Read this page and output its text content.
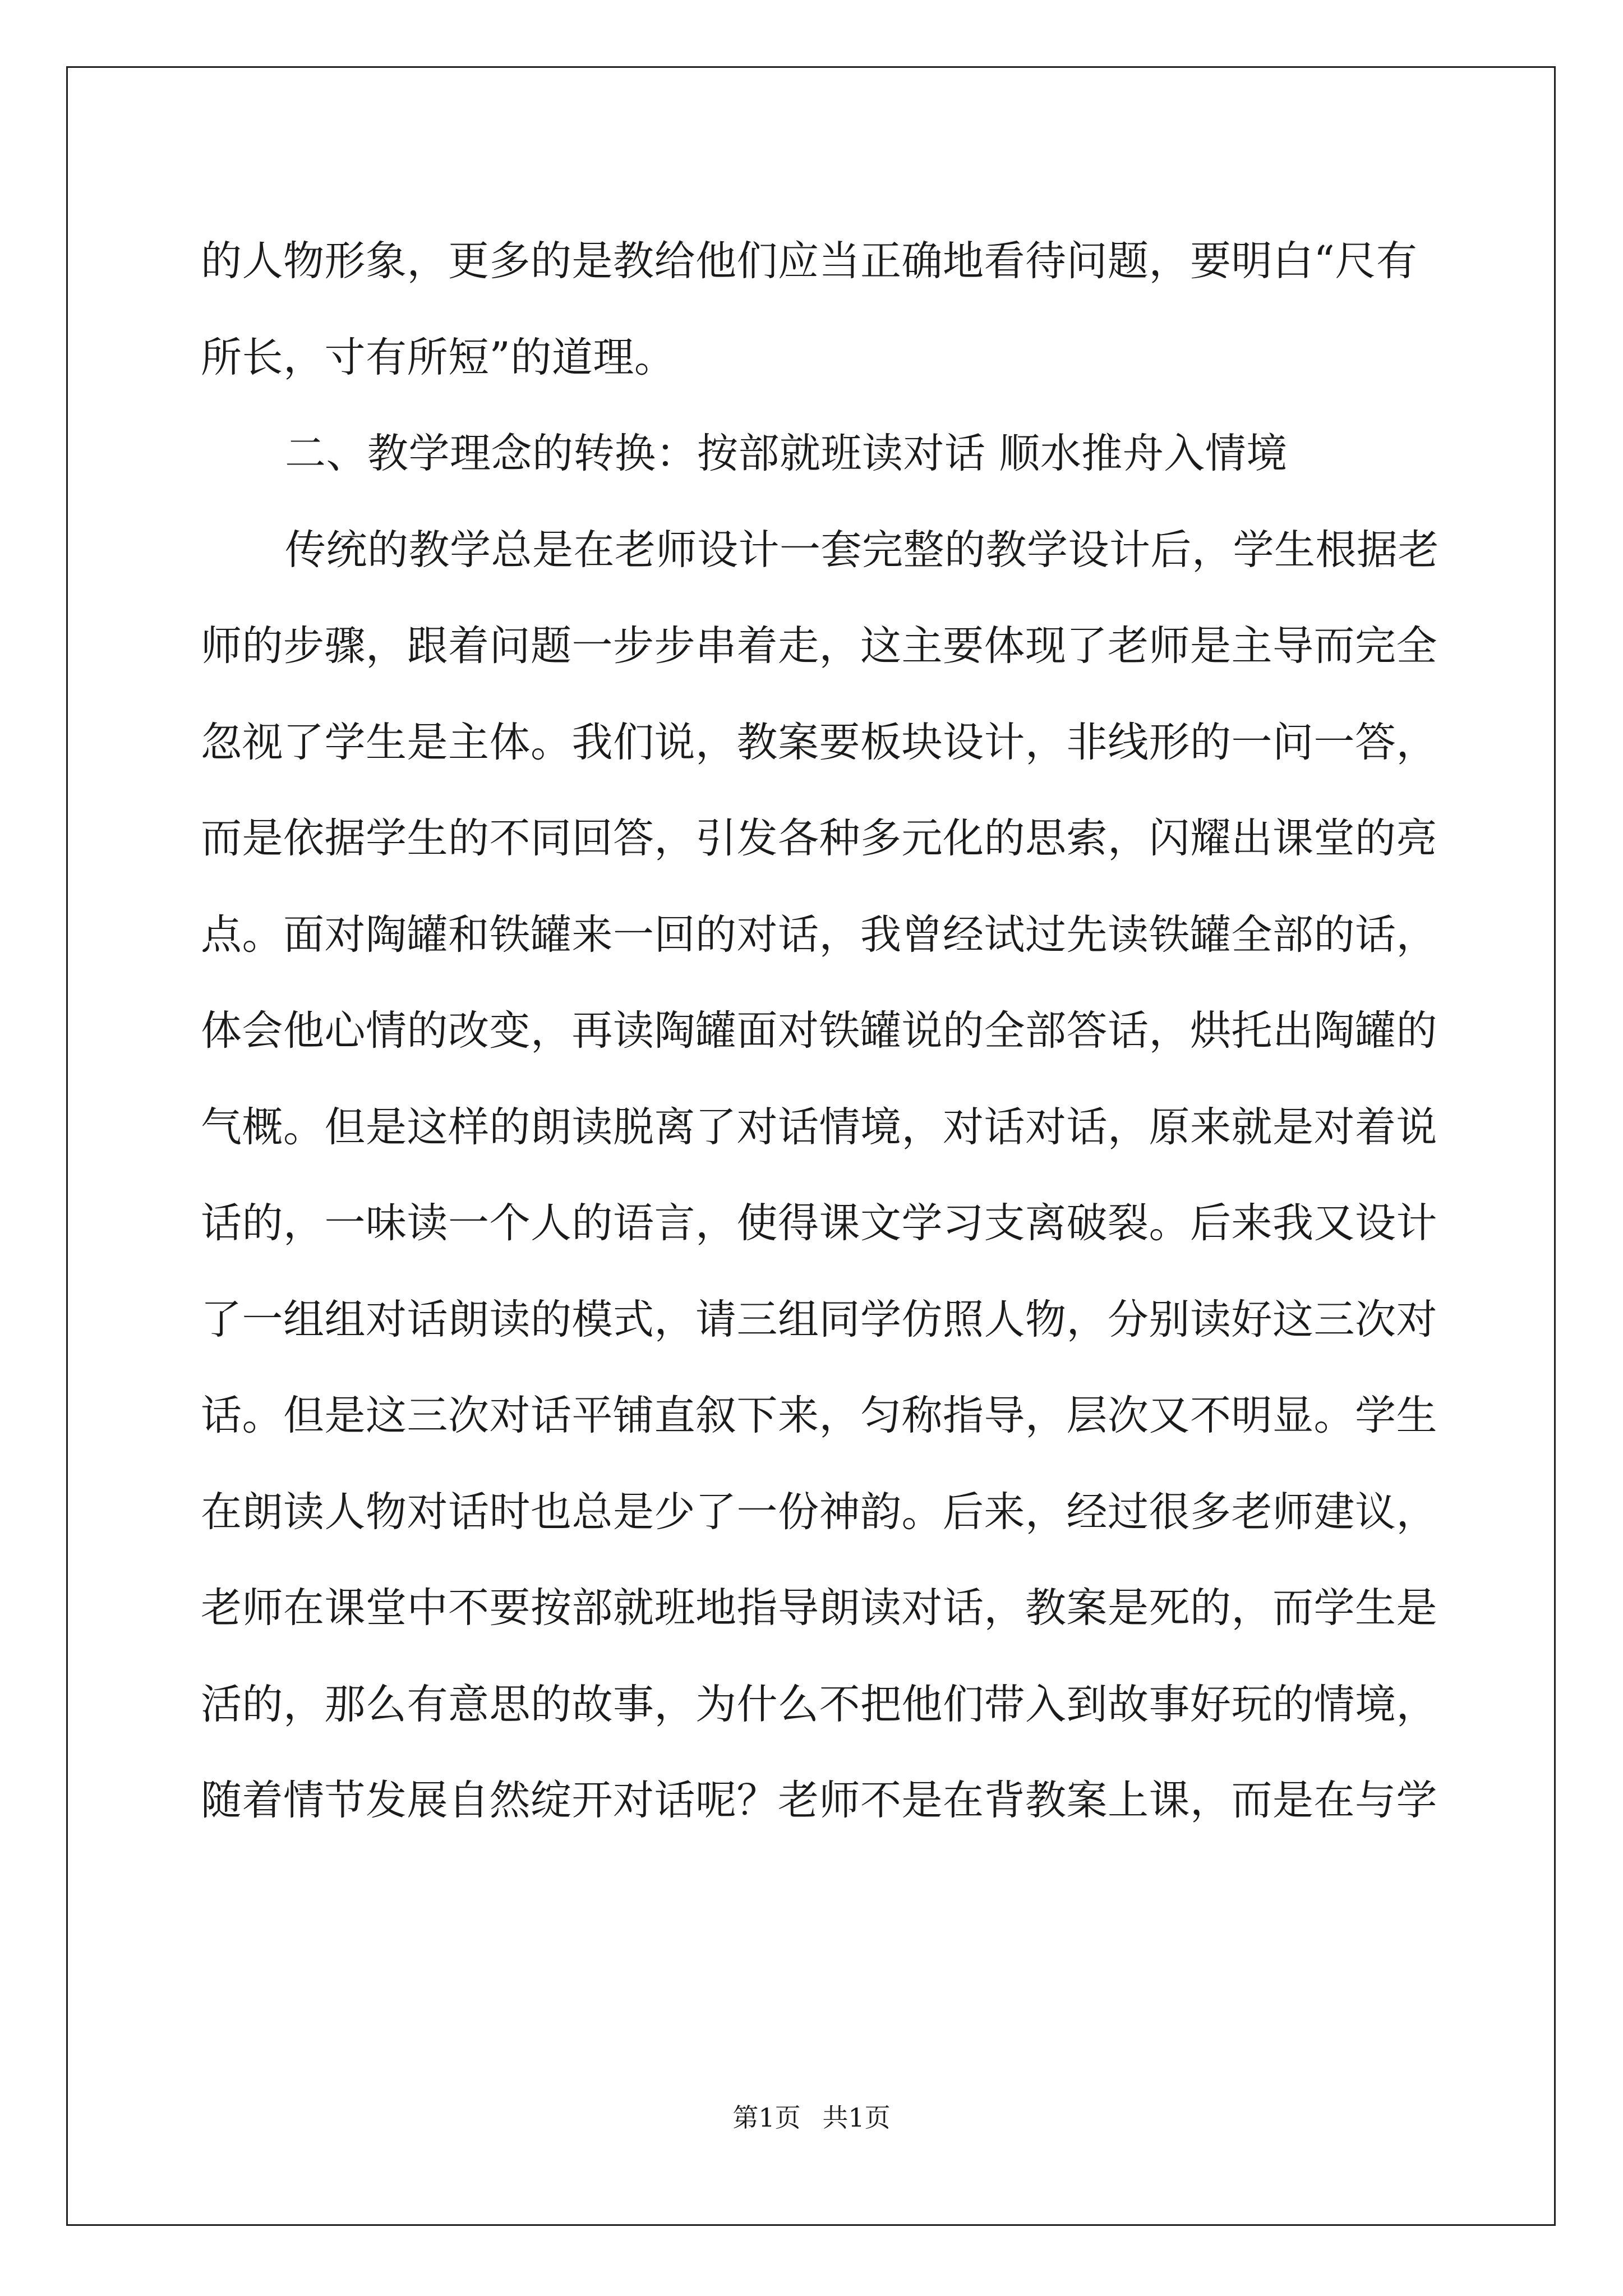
的人物形象，更多的是教给他们应当正确地看待问题，要明白“尺有
所长，寸有所短”的道理。
二、教学理念的转换：按部就班读对话 顺水推舟入情境
传统的教学总是在老师设计一套完整的教学设计后，学生根据老
师的步骤，跟着问题一步步串着走，这主要体现了老师是主导而完全
忽视了学生是主体。我们说，教案要板块设计，非线形的一问一答，
而是依据学生的不同回答，引发各种多元化的思索，闪耀出课堂的亮
点。面对陶罐和铁罐来一回的对话，我曾经试过先读铁罐全部的话，
体会他心情的改变，再读陶罐面对铁罐说的全部答话，烘托出陶罐的
气概。但是这样的朗读脱离了对话情境，对话对话，原来就是对着说
话的，一味读一个人的语言，使得课文学习支离破裂。后来我又设计
了一组组对话朗读的模式，请三组同学仿照人物，分别读好这三次对
话。但是这三次对话平铺直叙下来，匀称指导，层次又不明显。学生
在朗读人物对话时也总是少了一份神韵。后来，经过很多老师建议，
老师在课堂中不要按部就班地指导朗读对话，教案是死的，而学生是
活的，那么有意思的故事，为什么不把他们带入到故事好玩的情境，
随着情节发展自然绽开对话呢？老师不是在背教案上课，而是在与学
第1页 共1页
